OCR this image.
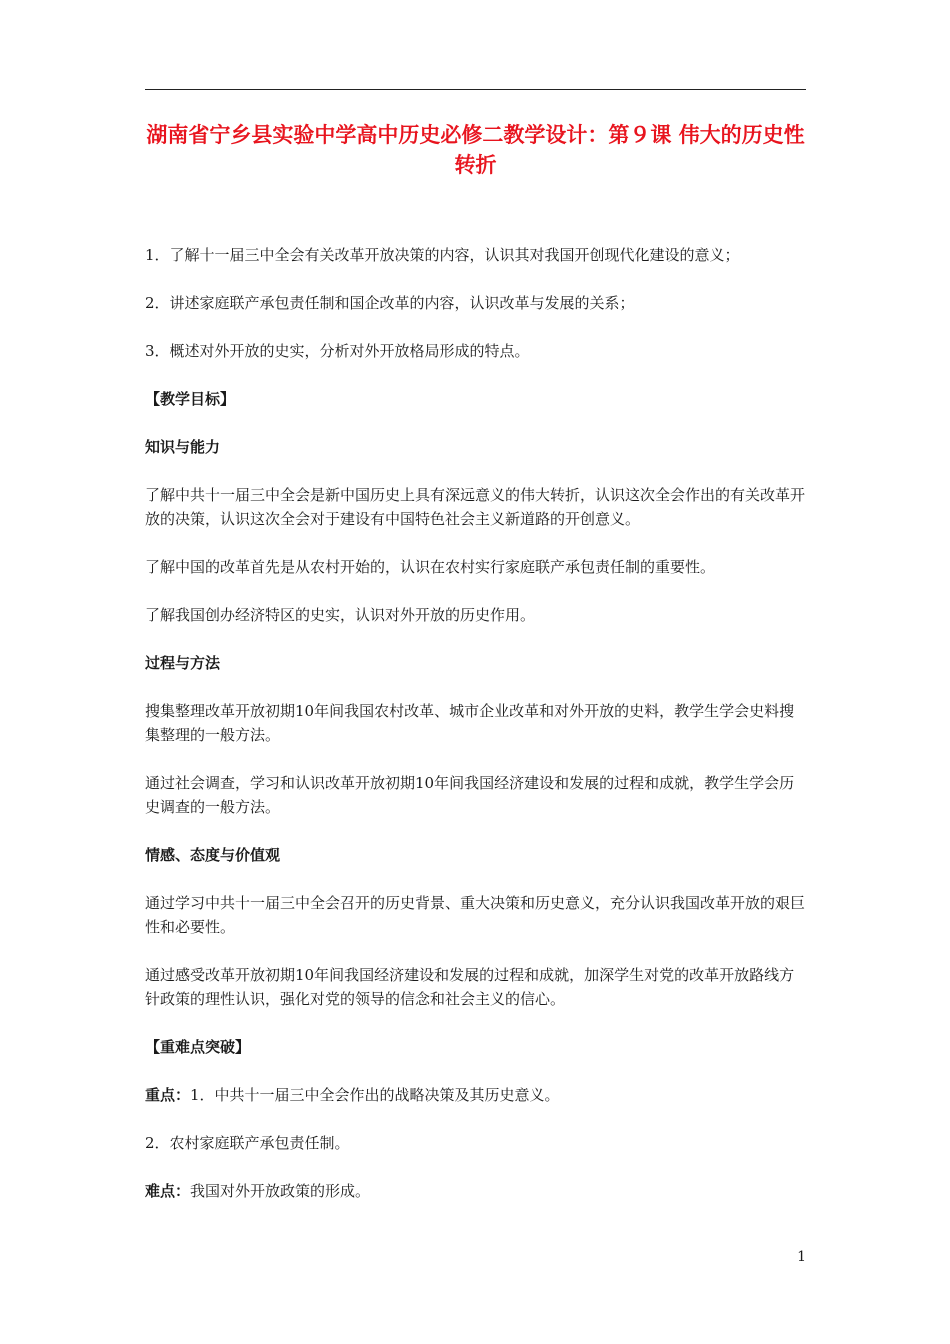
湖南省宁乡县实验中学高中历史必修二教学设计：第９课 伟大的历史性转折

1．了解十一届三中全会有关改革开放决策的内容，认识其对我国开创现代化建设的意义；

2．讲述家庭联产承包责任制和国企改革的内容，认识改革与发展的关系；

3．概述对外开放的史实，分析对外开放格局形成的特点。

【教学目标】

知识与能力

了解中共十一届三中全会是新中国历史上具有深远意义的伟大转折，认识这次全会作出的有关改革开放的决策，认识这次全会对于建设有中国特色社会主义新道路的开创意义。

了解中国的改革首先是从农村开始的，认识在农村实行家庭联产承包责任制的重要性。

了解我国创办经济特区的史实，认识对外开放的历史作用。

过程与方法

搜集整理改革开放初期10年间我国农村改革、城市企业改革和对外开放的史料，教学生学会史料搜集整理的一般方法。

通过社会调查，学习和认识改革开放初期10年间我国经济建设和发展的过程和成就，教学生学会历史调查的一般方法。

情感、态度与价值观

通过学习中共十一届三中全会召开的历史背景、重大决策和历史意义，充分认识我国改革开放的艰巨性和必要性。

通过感受改革开放初期10年间我国经济建设和发展的过程和成就，加深学生对党的改革开放路线方针政策的理性认识，强化对党的领导的信念和社会主义的信心。

【重难点突破】

重点：1．中共十一届三中全会作出的战略决策及其历史意义。

2．农村家庭联产承包责任制。

难点：我国对外开放政策的形成。

1
